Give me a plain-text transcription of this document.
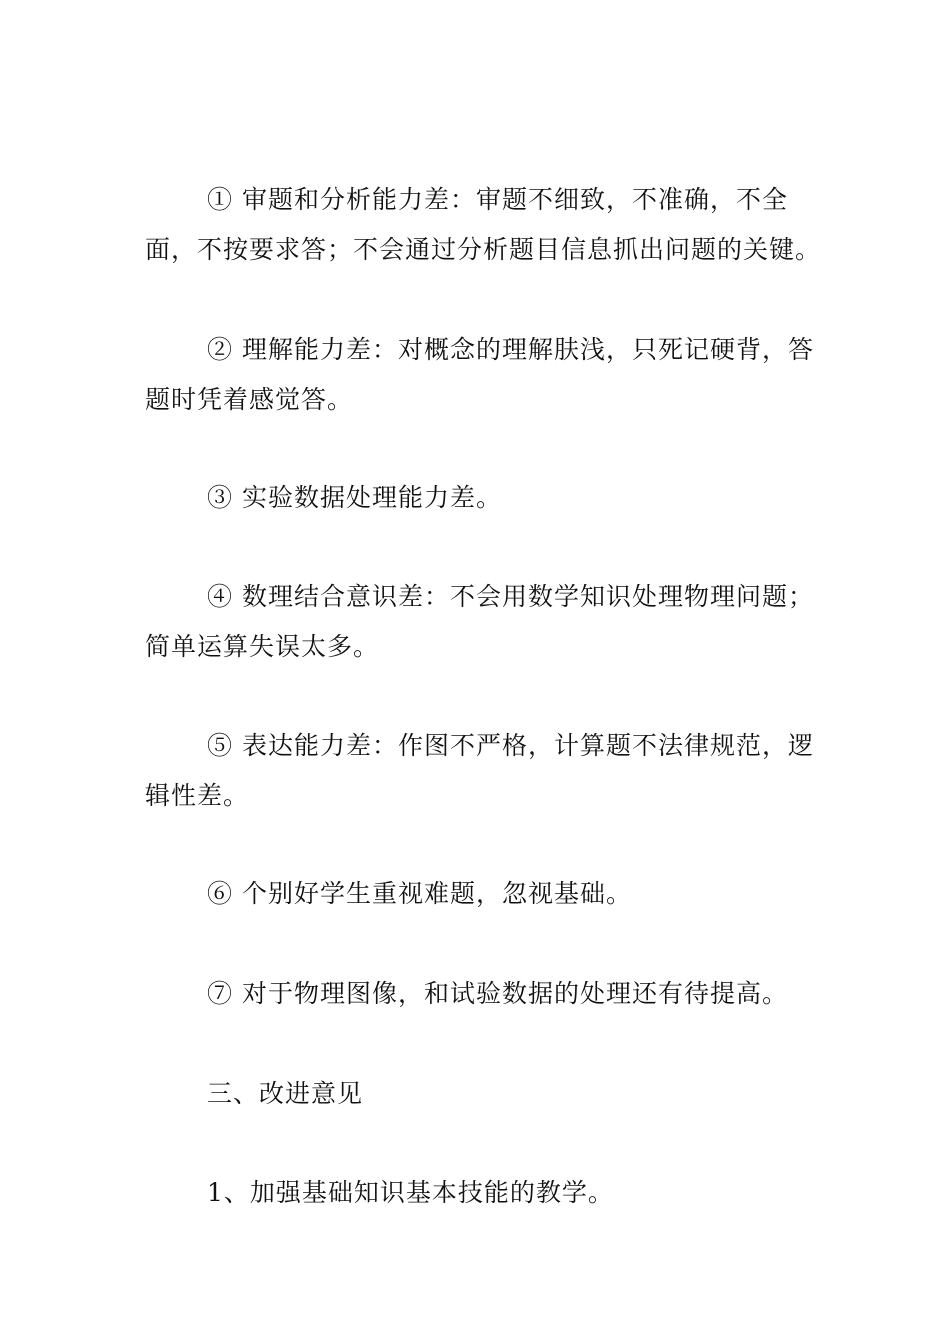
① 审题和分析能力差：审题不细致，不准确，不全面，不按要求答；不会通过分析题目信息抓出问题的关键。

② 理解能力差：对概念的理解肤浅，只死记硬背，答题时凭着感觉答。

③ 实验数据处理能力差。

④ 数理结合意识差：不会用数学知识处理物理问题；简单运算失误太多。

⑤ 表达能力差：作图不严格，计算题不法律规范，逻辑性差。

⑥ 个别好学生重视难题，忽视基础。

⑦ 对于物理图像，和试验数据的处理还有待提高。

三、改进意见

1、加强基础知识基本技能的教学。
